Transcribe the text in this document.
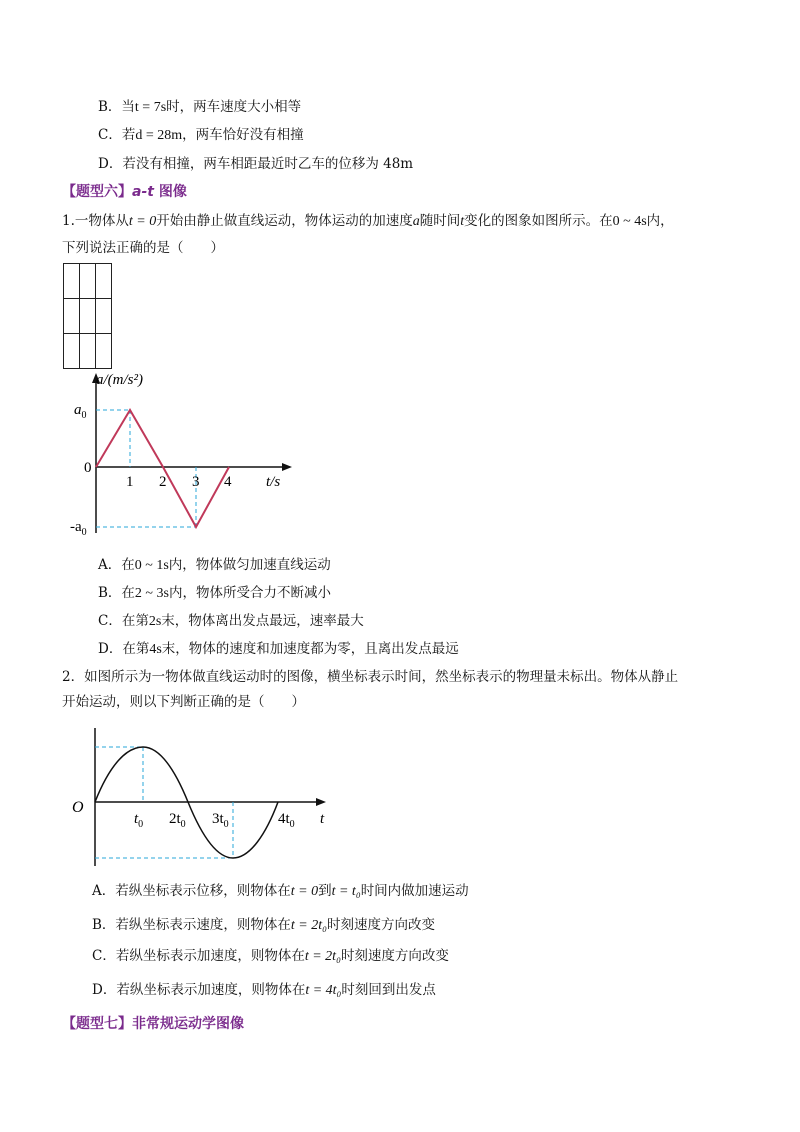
B．当t = 7s时，两车速度大小相等
C．若d = 28m，两车恰好没有相撞
D．若没有相撞，两车相距最近时乙车的位移为 48m
【题型六】a-t 图像
1.一物体从t = 0开始由静止做直线运动，物体运动的加速度a随时间t变化的图象如图所示。在0 ~ 4s内，
下列说法正确的是（　　）
a/(m/s²)
$a_0$
$-a_0$
0
1 2 3 4 t/s
A．在0 ~ 1s内，物体做匀加速直线运动
B．在2 ~ 3s内，物体所受合力不断减小
C．在第2s末，物体离出发点最远，速率最大
D．在第4s末，物体的速度和加速度都为零，且离出发点最远
2．如图所示为一物体做直线运动时的图像，横坐标表示时间，然坐标表示的物理量未标出。物体从静止
开始运动，则以下判断正确的是（　　）
O
$t_0$ $2t_0$ $3t_0$	$4t_0$ t
A．若纵坐标表示位移，则物体在t = 0到t = t₀时间内做加速运动
B．若纵坐标表示速度，则物体在t = 2t₀时刻速度方向改变
C．若纵坐标表示加速度，则物体在t = 2t₀时刻速度方向改变
D．若纵坐标表示加速度，则物体在t = 4t₀时刻回到出发点
【题型七】非常规运动学图像
